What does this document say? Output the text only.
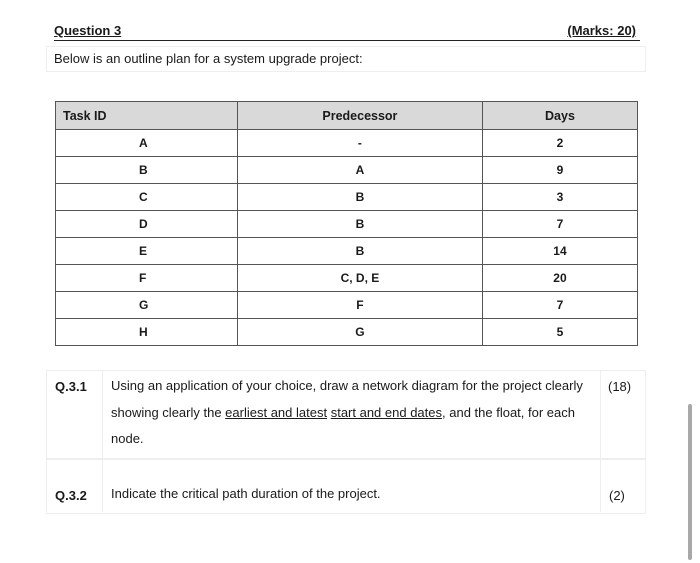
Question 3	(Marks: 20)
Below is an outline plan for a system upgrade project:
Task ID	Predecessor	Days
A	-	2
B	A	9
C	B	3
D	B	7
E	B	14
F	C, D, E	20
G	F	7
H	G	5
Q.3.1 Using an application of your choice, draw a network diagram for the project clearly showing clearly the earliest and latest start and end dates, and the float, for each node.
(18)
Q.3.2 Indicate the critical path duration of the project.	(2)
